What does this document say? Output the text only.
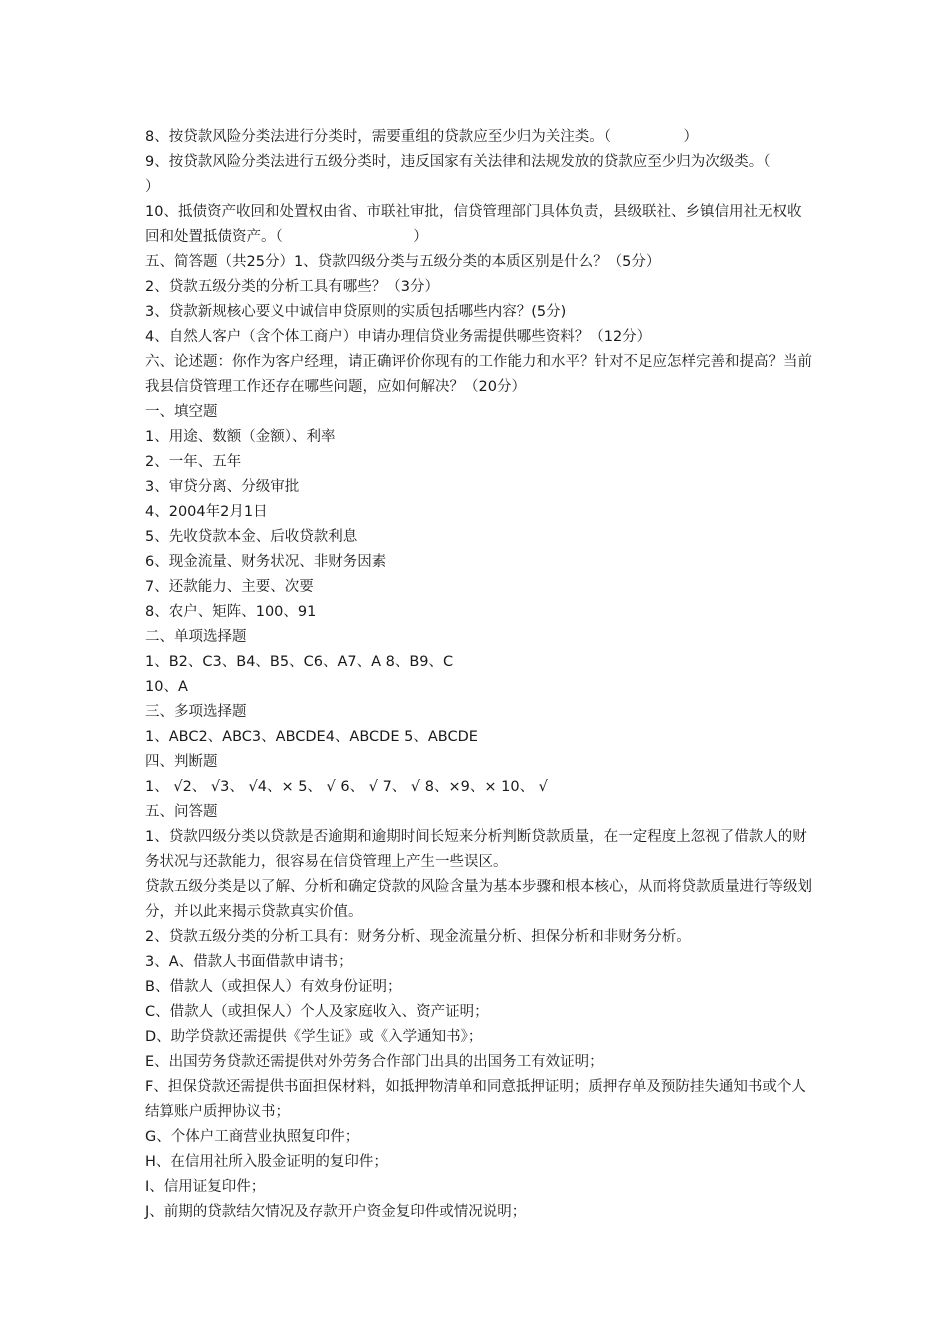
8、按贷款风险分类法进行分类时，需要重组的贷款应至少归为关注类。（　　　　　）

9、按贷款风险分类法进行五级分类时，违反国家有关法律和法规发放的贷款应至少归为次级类。（　　　　　　　　）

10、抵债资产收回和处置权由省、市联社审批，信贷管理部门具体负责，县级联社、乡镇信用社无权收回和处置抵债资产。（　　　　　　　　　）

五、简答题（共25分）1、贷款四级分类与五级分类的本质区别是什么？（5分）

2、贷款五级分类的分析工具有哪些？（3分）

3、贷款新规核心要义中诚信申贷原则的实质包括哪些内容？(5分)

4、自然人客户（含个体工商户）申请办理信贷业务需提供哪些资料？（12分）

六、论述题：你作为客户经理，请正确评价你现有的工作能力和水平？针对不足应怎样完善和提高？当前我县信贷管理工作还存在哪些问题，应如何解决？（20分）

一、填空题

1、用途、数额（金额）、利率

2、一年、五年

3、审贷分离、分级审批

4、2004年2月1日

5、先收贷款本金、后收贷款利息

6、现金流量、财务状况、非财务因素

7、还款能力、主要、次要

8、农户、矩阵、100、91

二、单项选择题

1、B2、C3、B4、B5、C6、A7、A 8、B9、C

10、A

三、多项选择题

1、ABC2、ABC3、ABCDE4、ABCDE 5、ABCDE

四、判断题

1、 √2、 √3、 √4、× 5、 √ 6、 √ 7、 √ 8、×9、× 10、 √

五、问答题

1、贷款四级分类以贷款是否逾期和逾期时间长短来分析判断贷款质量，在一定程度上忽视了借款人的财务状况与还款能力，很容易在信贷管理上产生一些误区。

贷款五级分类是以了解、分析和确定贷款的风险含量为基本步骤和根本核心，从而将贷款质量进行等级划分，并以此来揭示贷款真实价值。

2、贷款五级分类的分析工具有：财务分析、现金流量分析、担保分析和非财务分析。

3、A、借款人书面借款申请书；

B、借款人（或担保人）有效身份证明；

C、借款人（或担保人）个人及家庭收入、资产证明；

D、助学贷款还需提供《学生证》或《入学通知书》；

E、出国劳务贷款还需提供对外劳务合作部门出具的出国务工有效证明；

F、担保贷款还需提供书面担保材料，如抵押物清单和同意抵押证明；质押存单及预防挂失通知书或个人结算账户质押协议书；

G、个体户工商营业执照复印件；

H、在信用社所入股金证明的复印件；

I、信用证复印件；

J、前期的贷款结欠情况及存款开户资金复印件或情况说明；
